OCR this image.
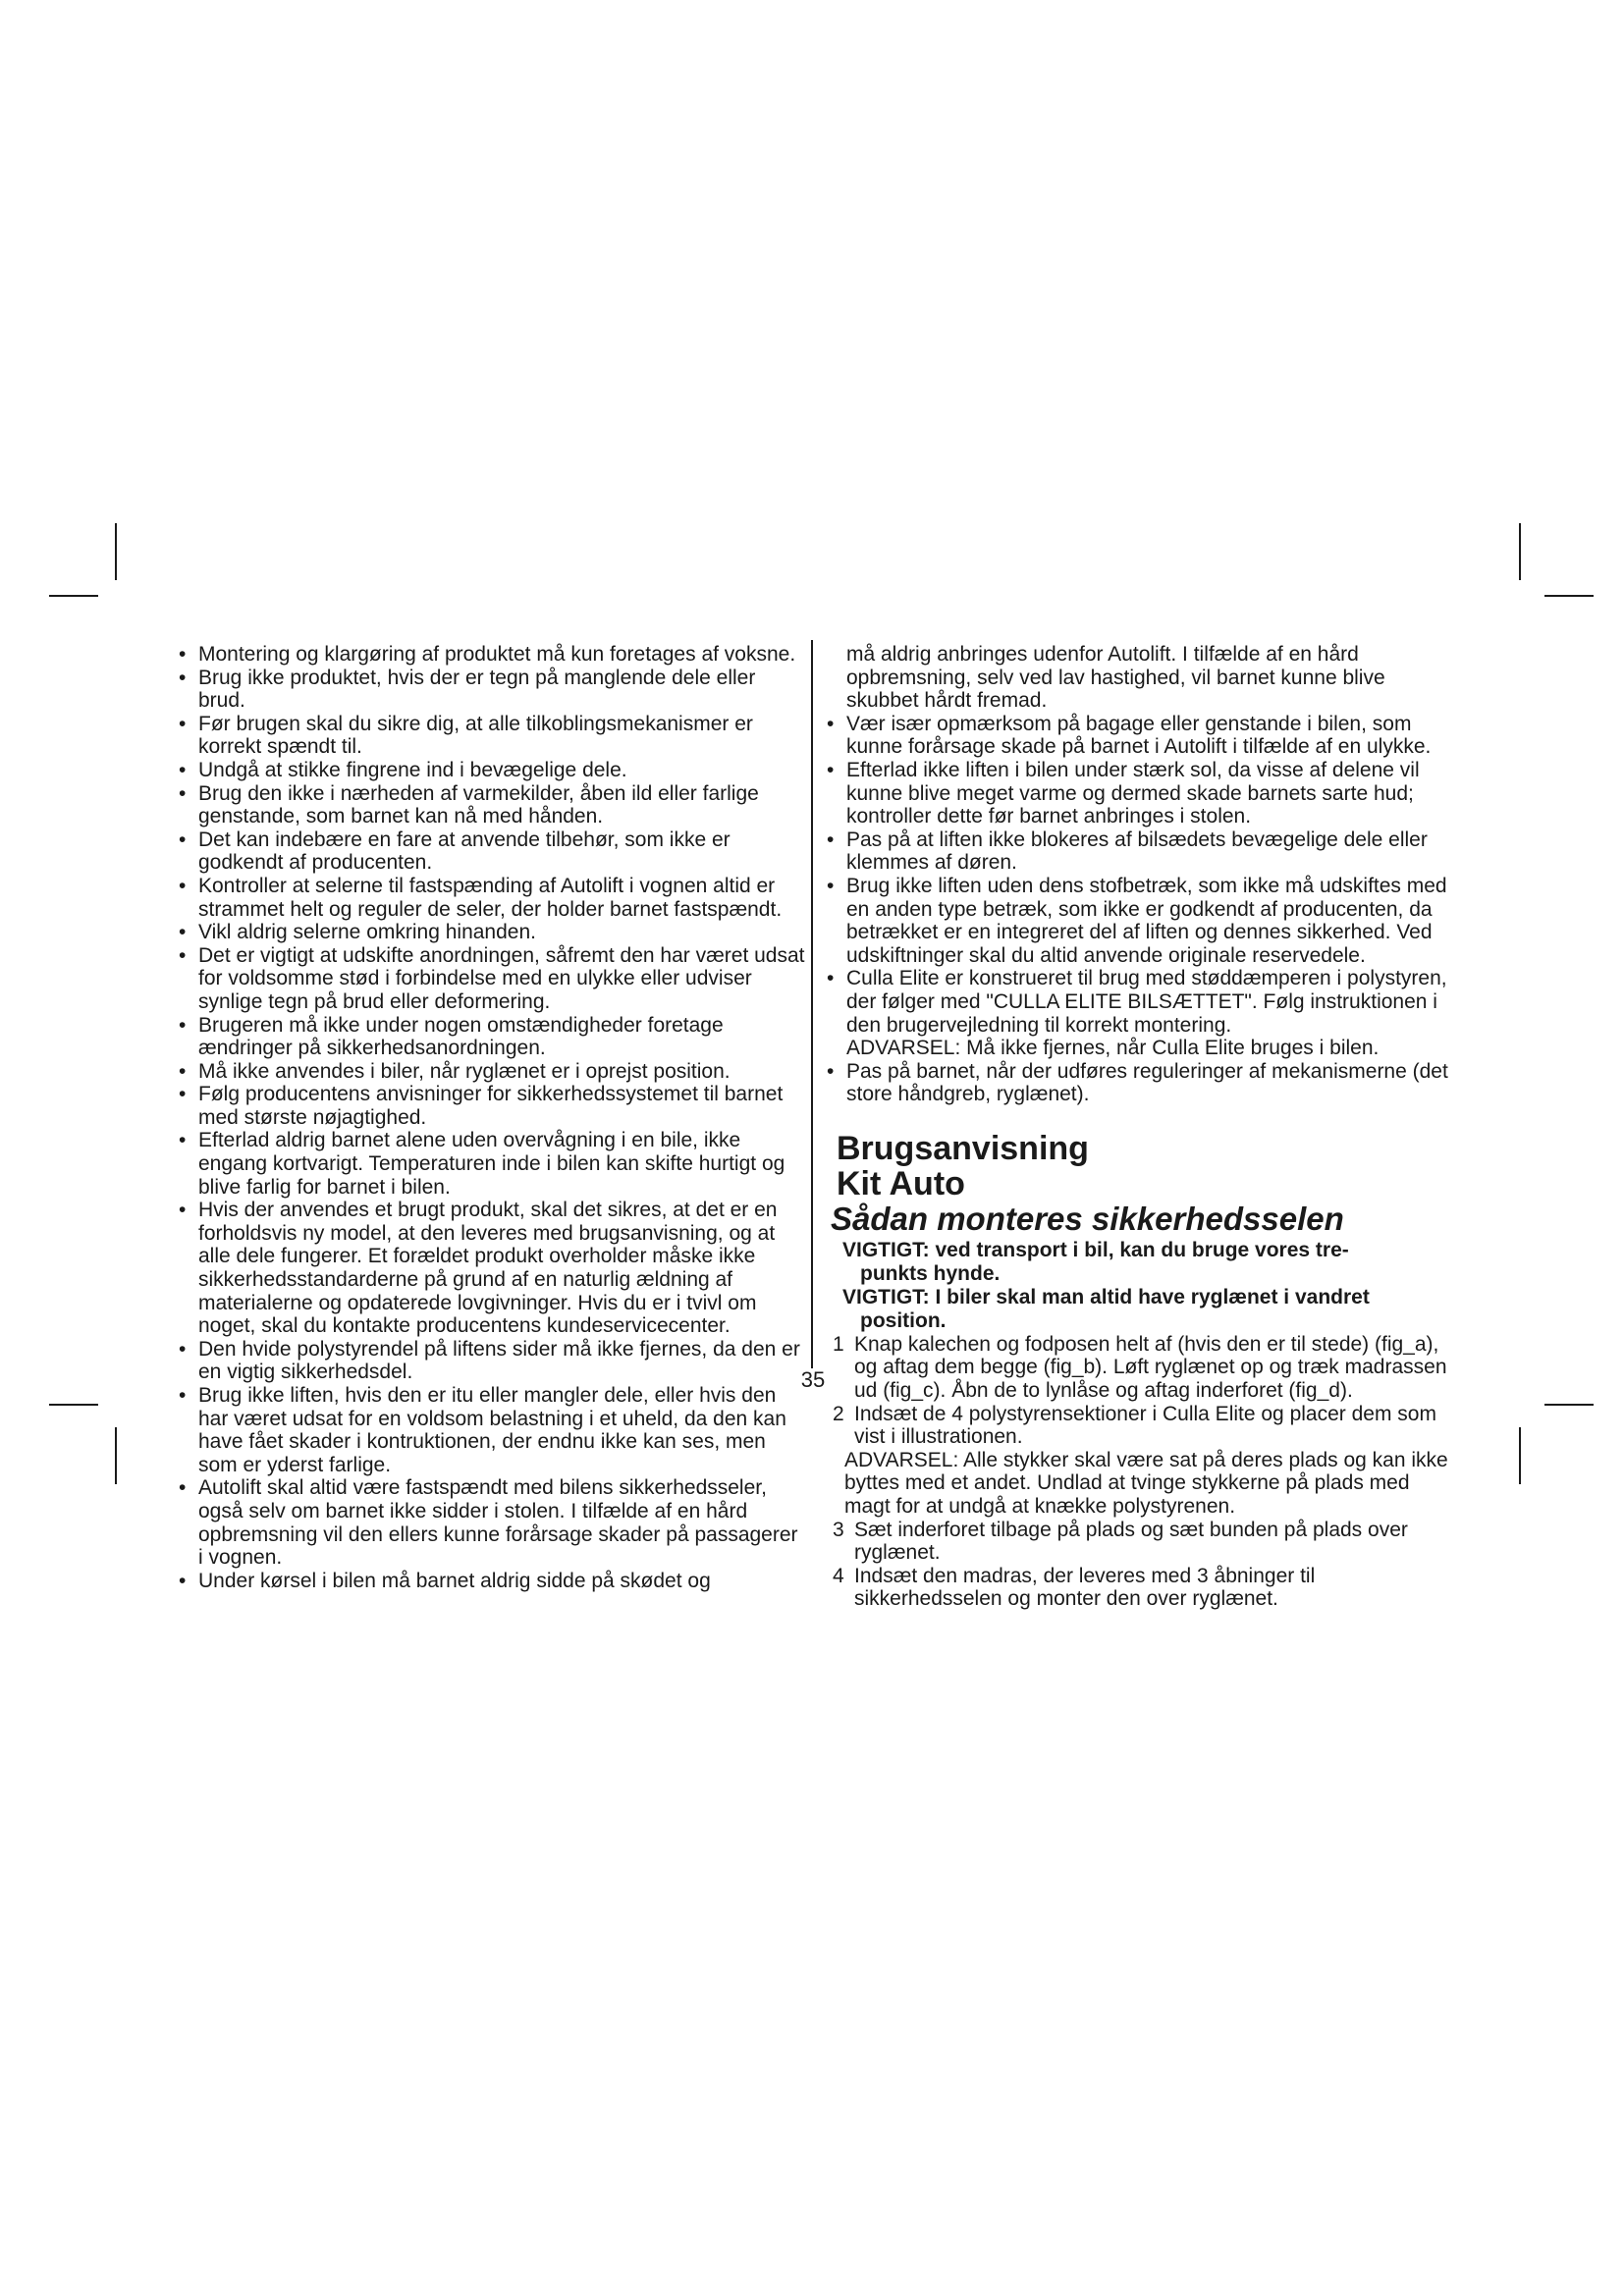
• Montering og klargøring af produktet må kun foretages af voksne.
• Brug ikke produktet, hvis der er tegn på manglende dele eller brud.
• Før brugen skal du sikre dig, at alle tilkoblingsmekanismer er korrekt spændt til.
• Undgå at stikke fingrene ind i bevægelige dele.
• Brug den ikke i nærheden af varmekilder, åben ild eller farlige genstande, som barnet kan nå med hånden.
• Det kan indebære en fare at anvende tilbehør, som ikke er godkendt af producenten.
• Kontroller at selerne til fastspænding af Autolift i vognen altid er strammet helt og reguler de seler, der holder barnet fastspændt.
• Vikl aldrig selerne omkring hinanden.
• Det er vigtigt at udskifte anordningen, såfremt den har været udsat for voldsomme stød i forbindelse med en ulykke eller udviser synlige tegn på brud eller deformering.
• Brugeren må ikke under nogen omstændigheder foretage ændringer på sikkerhedsanordningen.
• Må ikke anvendes i biler, når ryglænet er i oprejst position.
• Følg producentens anvisninger for sikkerhedssystemet til barnet med største nøjagtighed.
• Efterlad aldrig barnet alene uden overvågning i en bile, ikke engang kortvarigt. Temperaturen inde i bilen kan skifte hurtigt og blive farlig for barnet i bilen.
• Hvis der anvendes et brugt produkt, skal det sikres, at det er en forholdsvis ny model, at den leveres med brugsanvisning, og at alle dele fungerer. Et forældet produkt overholder måske ikke sikkerhedsstandarderne på grund af en naturlig ældning af materialerne og opdaterede lovgivninger. Hvis du er i tvivl om noget, skal du kontakte producentens kundeservicecenter.
• Den hvide polystyrendel på liftens sider må ikke fjernes, da den er en vigtig sikkerhedsdel.
• Brug ikke liften, hvis den er itu eller mangler dele, eller hvis den har været udsat for en voldsom belastning i et uheld, da den kan have fået skader i kontruktionen, der endnu ikke kan ses, men som er yderst farlige.
• Autolift skal altid være fastspændt med bilens sikkerhedsseler, også selv om barnet ikke sidder i stolen. I tilfælde af en hård opbremsning vil den ellers kunne forårsage skader på passagerer i vognen.
• Under kørsel i bilen må barnet aldrig sidde på skødet og
må aldrig anbringes udenfor Autolift. I tilfælde af en hård opbremsning, selv ved lav hastighed, vil barnet kunne blive skubbet hårdt fremad.
• Vær især opmærksom på bagage eller genstande i bilen, som kunne forårsage skade på barnet i Autolift i tilfælde af en ulykke.
• Efterlad ikke liften i bilen under stærk sol, da visse af delene vil kunne blive meget varme og dermed skade barnets sarte hud; kontroller dette før barnet anbringes i stolen.
• Pas på at liften ikke blokeres af bilsædets bevægelige dele eller klemmes af døren.
• Brug ikke liften uden dens stofbetræk, som ikke må udskiftes med en anden type betræk, som ikke er godkendt af producenten, da betrækket er en integreret del af liften og dennes sikkerhed. Ved udskiftninger skal du altid anvende originale reservedele.
• Culla Elite er konstrueret til brug med støddæmperen i polystyren, der følger med "CULLA ELITE BILSÆTTET". Følg instruktionen i den brugervejledning til korrekt montering.
ADVARSEL: Må ikke fjernes, når Culla Elite bruges i bilen.
• Pas på barnet, når der udføres reguleringer af mekanismerne (det store håndgreb, ryglænet).
Brugsanvisning
Kit Auto
Sådan monteres sikkerhedsselen
VIGTIGT: ved transport i bil, kan du bruge vores tre-
punkts hynde.
VIGTIGT: I biler skal man altid have ryglænet i vandret
position.
1 Knap kalechen og fodposen helt af (hvis den er til stede) (fig_a), og aftag dem begge (fig_b). Løft ryglænet op og træk madrassen ud (fig_c). Åbn de to lynlåse og aftag inderforet (fig_d).
2 Indsæt de 4 polystyrensektioner i Culla Elite og placer dem som vist i illustrationen.
ADVARSEL: Alle stykker skal være sat på deres plads og kan ikke byttes med et andet. Undlad at tvinge stykkerne på plads med magt for at undgå at knække polystyrenen.
3 Sæt inderforet tilbage på plads og sæt bunden på plads over ryglænet.
4 Indsæt den madras, der leveres med 3 åbninger til sikkerhedsselen og monter den over ryglænet.
35
